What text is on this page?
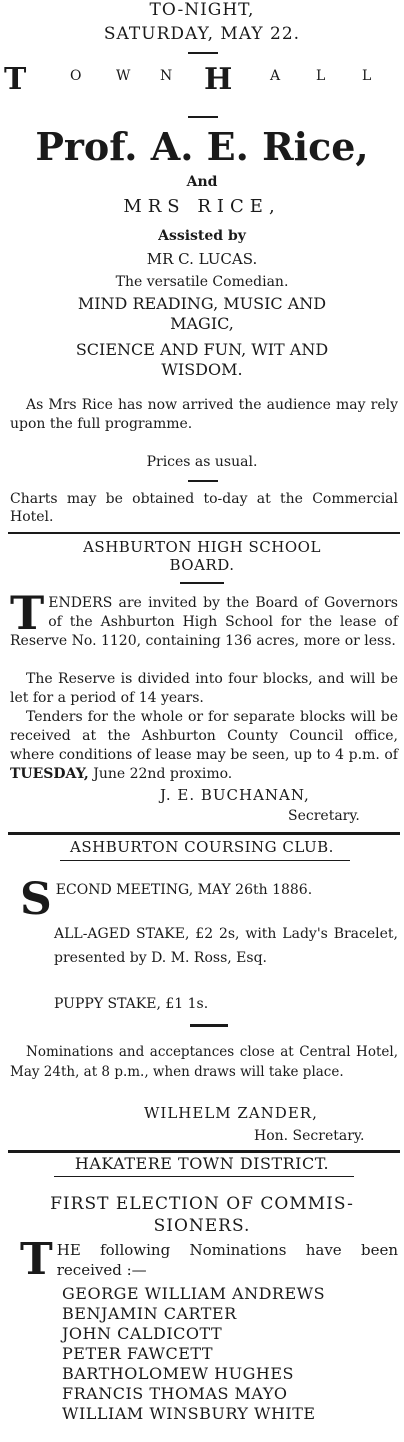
TO-NIGHT,
SATURDAY, MAY 22.
T	O W N H	A	L	L
Prof. A. E. Rice,
And
MRS RICE,
Assisted by
MR C. LUCAS.
The versatile Comedian.
MIND READING, MUSIC AND
MAGIC,
SCIENCE AND FUN, WIT AND
WISDOM.
As Mrs Rice has now arrived the audience may rely upon the full programme.
Prices as usual.
Charts may be obtained to-day at the Commercial Hotel.
ASHBURTON HIGH SCHOOL
BOARD.
TENDERS are invited by the Board of Governors of the Ashburton High School for the lease of Reserve No. 1120, containing 136 acres, more or less.
The Reserve is divided into four blocks, and will be let for a period of 14 years.
Tenders for the whole or for separate blocks will be received at the Ashburton County Council office, where conditions of lease may be seen, up to 4 p.m. of TUESDAY, June 22nd proximo.
J. E. BUCHANAN,
Secretary.
ASHBURTON COURSING CLUB.
SECOND MEETING, MAY 26th 1886.
ALL-AGED STAKE, £2 2s, with Lady's Bracelet, presented by D. M. Ross, Esq.
PUPPY STAKE, £1 1s.
Nominations and acceptances close at Central Hotel, May 24th, at 8 p.m., when draws will take place.
WILHELM ZANDER,
Hon. Secretary.
HAKATERE TOWN DISTRICT.
FIRST ELECTION OF COMMIS-
SIONERS.
THE following Nominations have been received :—
GEORGE WILLIAM ANDREWS
BENJAMIN CARTER
JOHN CALDICOTT
PETER FAWCETT
BARTHOLOMEW HUGHES
FRANCIS THOMAS MAYO
WILLIAM WINSBURY WHITE
